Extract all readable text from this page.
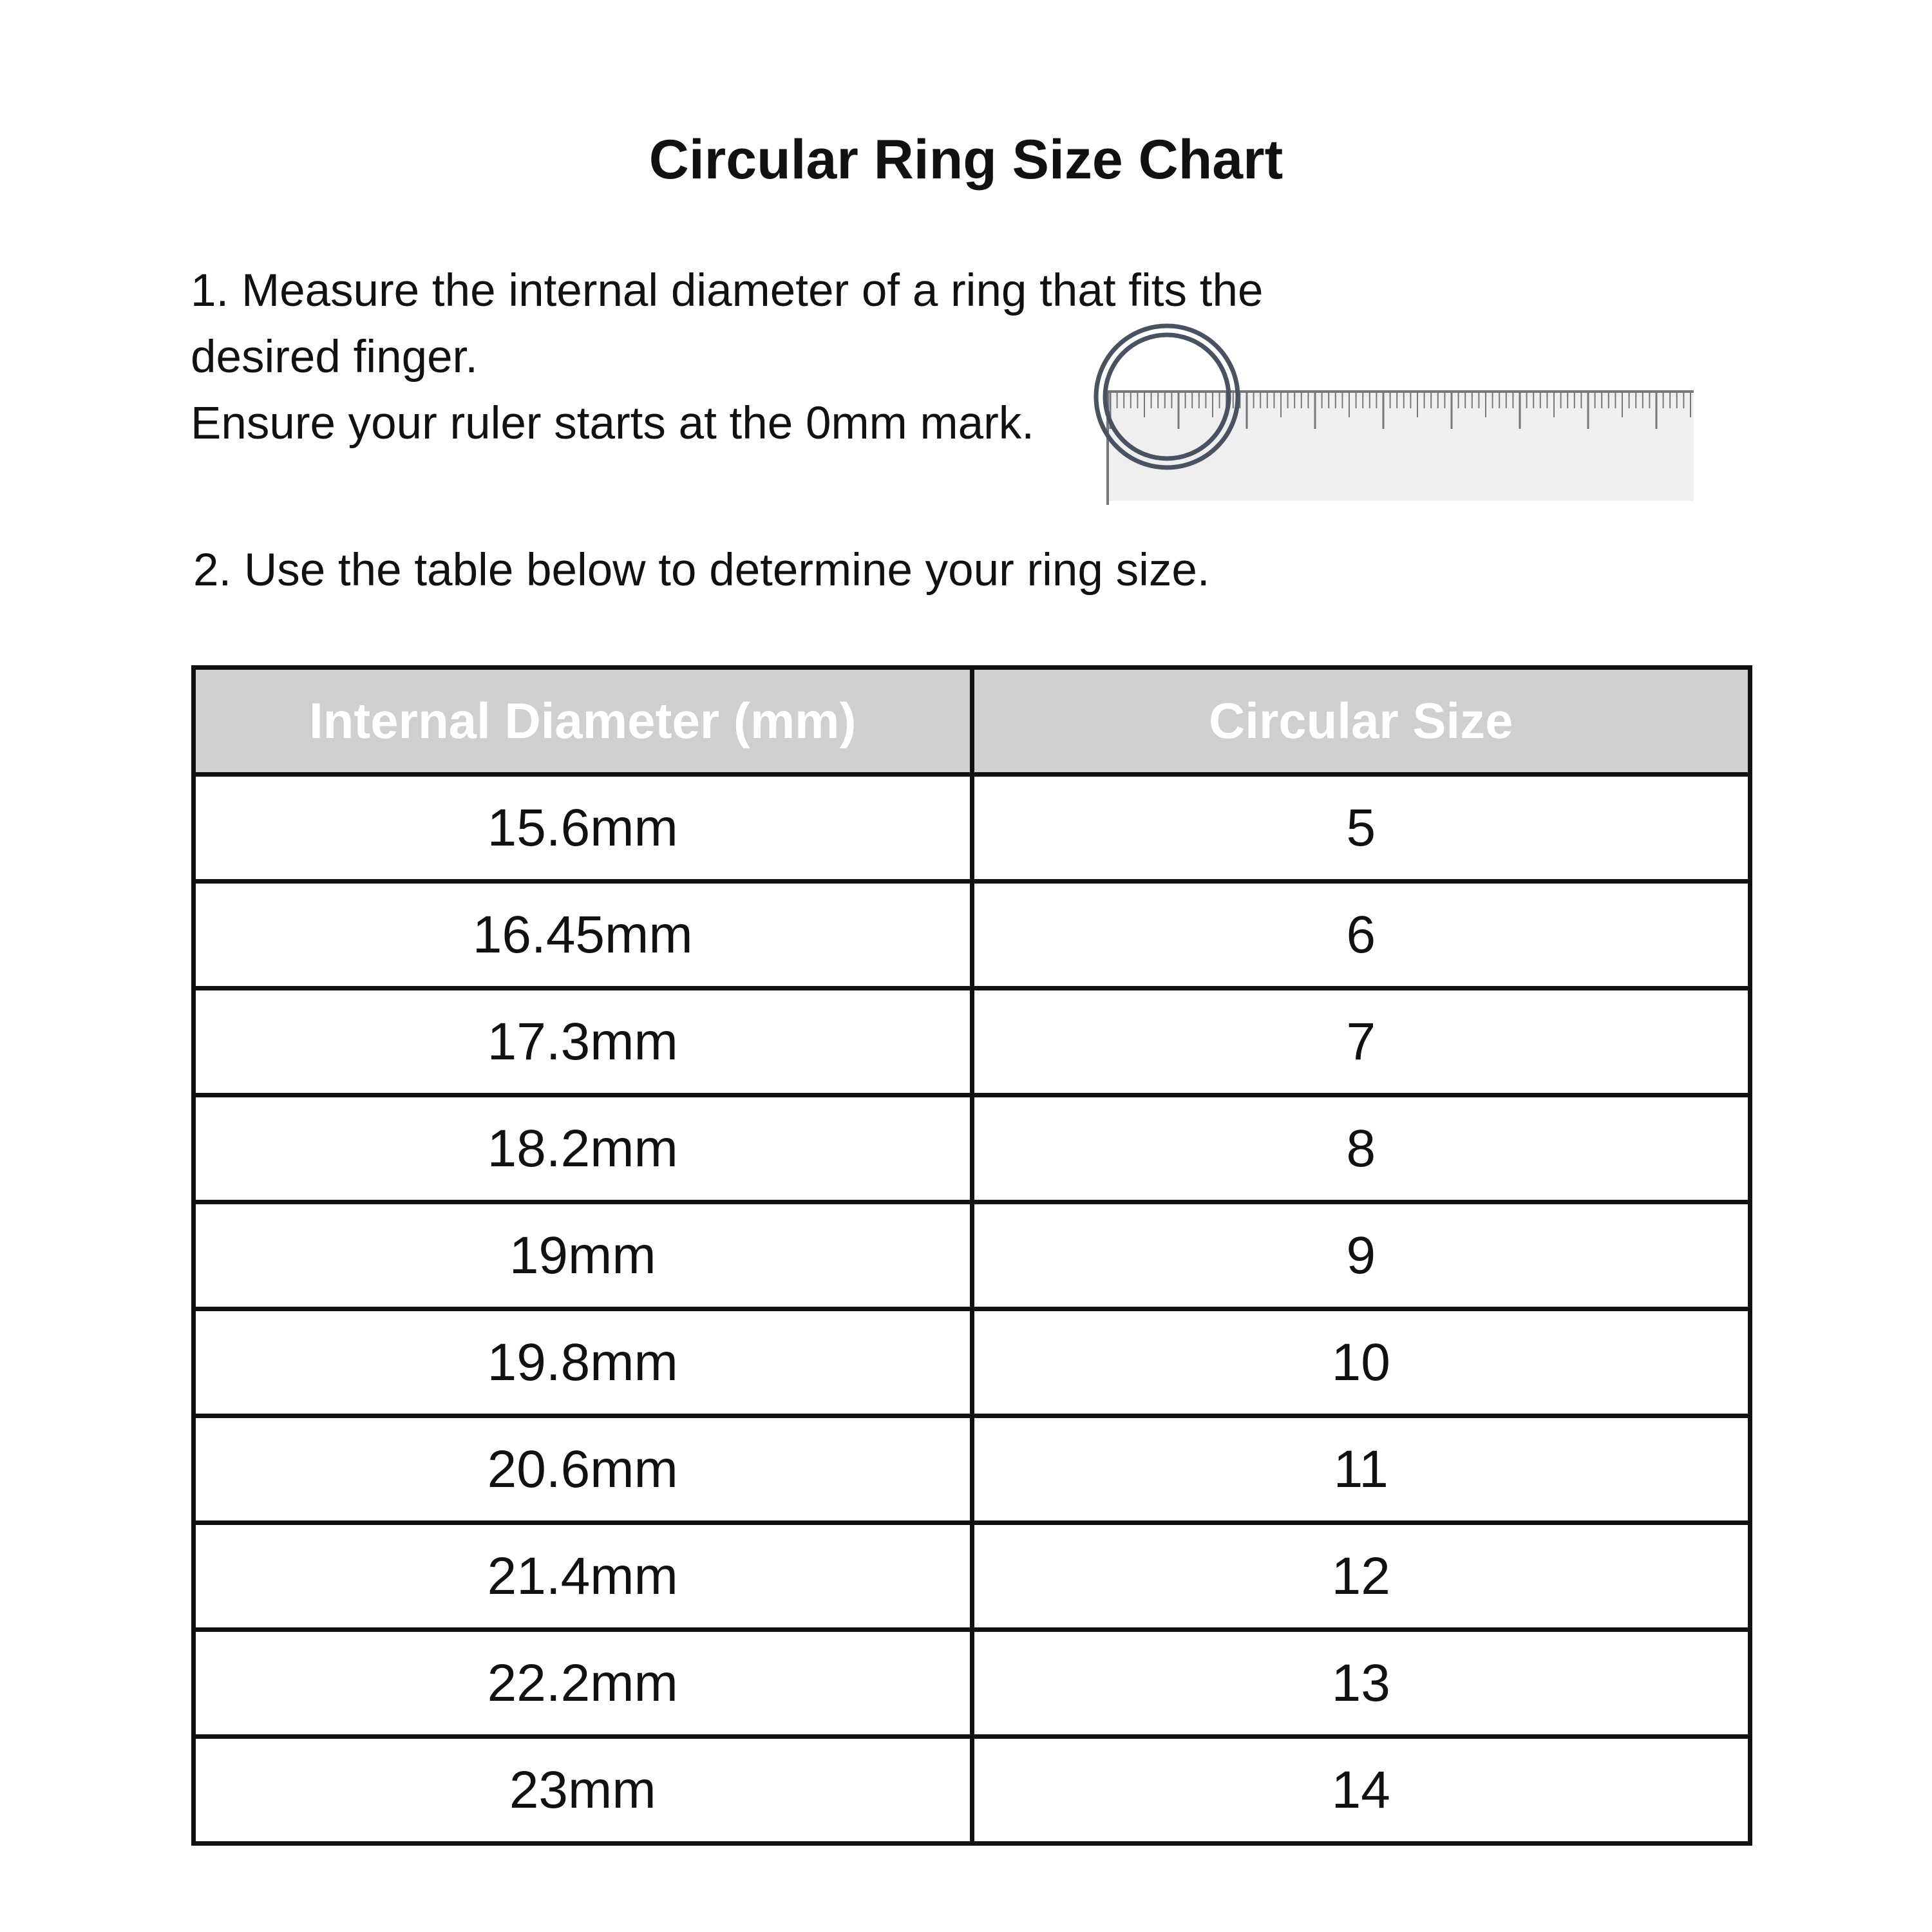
Circular Ring Size Chart
1. Measure the internal diameter of a ring that fits the
desired finger.
Ensure your ruler starts at the 0mm mark.
2. Use the table below to determine your ring size.
Internal Diameter (mm)	Circular Size
15.6mm	5
16.45mm	6
17.3mm	7
18.2mm	8
19mm	9
19.8mm	10
20.6mm	11
21.4mm	12
22.2mm	13
23mm	14
